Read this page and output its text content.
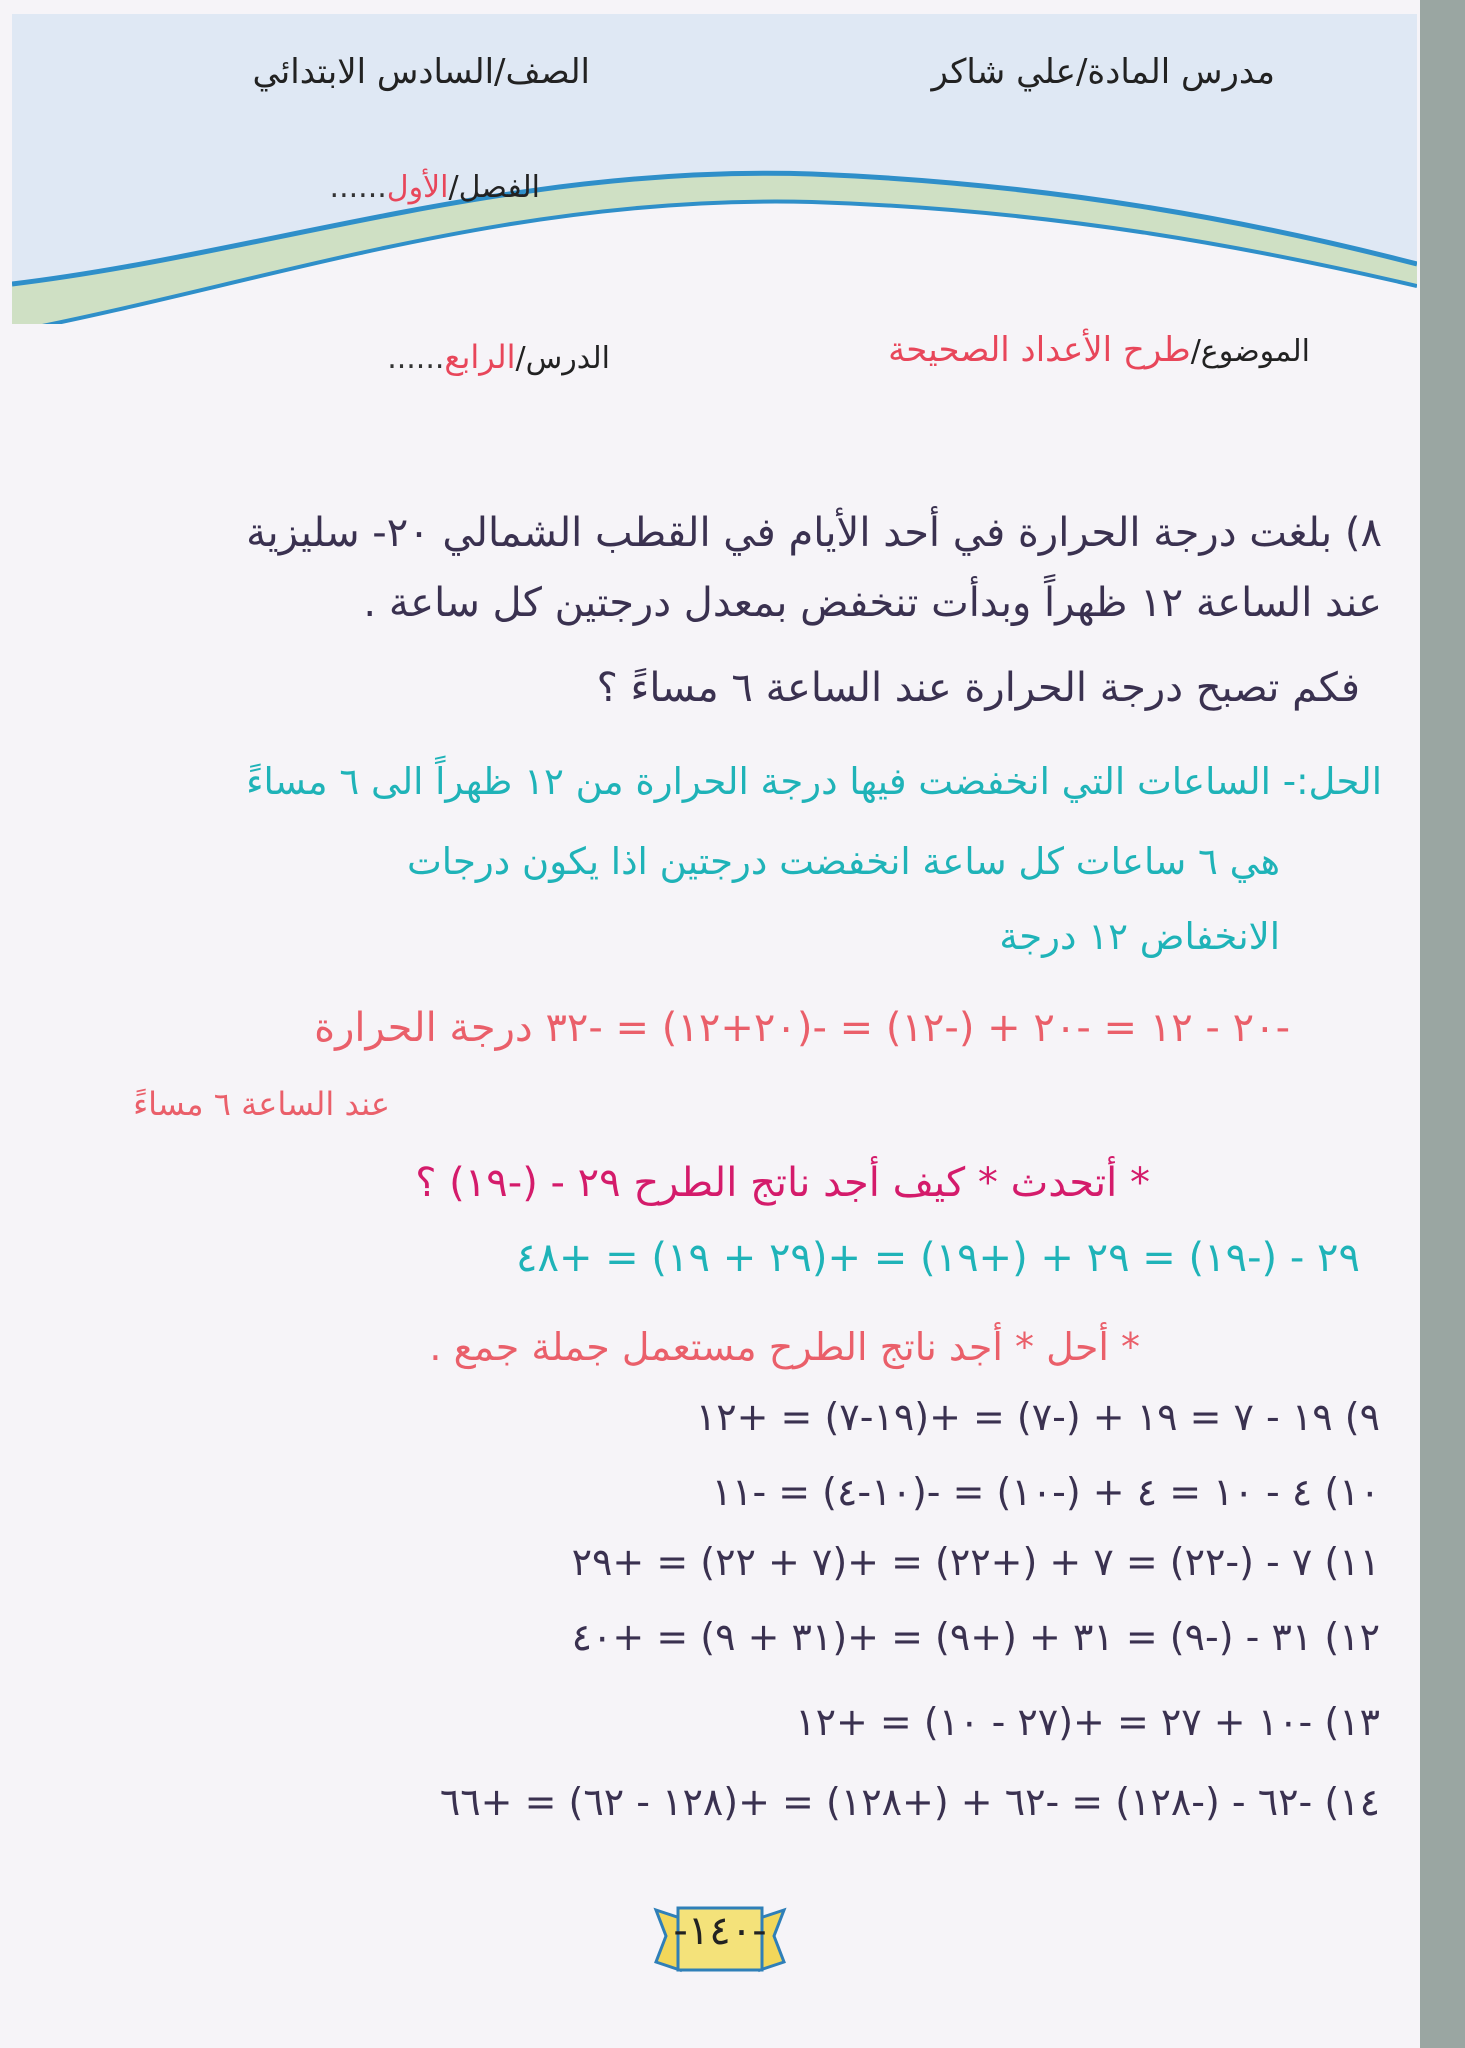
مدرس المادة/علي شاكر
الصف/السادس الابتدائي
الفصل/الأول......
الموضوع/طرح الأعداد الصحيحة
الدرس/الرابع......
٨) بلغت درجة الحرارة في أحد الأيام في القطب الشمالي ٢٠- سليزية
عند الساعة ١٢ ظهراً وبدأت تنخفض بمعدل درجتين كل ساعة .
فكم تصبح درجة الحرارة عند الساعة ٦ مساءً ؟
الحل:- الساعات التي انخفضت فيها درجة الحرارة من ١٢ ظهراً الى ٦ مساءً
هي ٦ ساعات كل ساعة انخفضت درجتين اذا يكون درجات
الانخفاض ١٢ درجة
-٢٠ - ١٢ = -٢٠ + (-١٢) = -(٢٠+١٢) = -٣٢ درجة الحرارة
عند الساعة ٦ مساءً
* أتحدث * كيف أجد ناتج الطرح ٢٩ - (-١٩) ؟
٢٩ - (-١٩) = ٢٩ + (+١٩) = +(٢٩ + ١٩) = +٤٨
* أحل * أجد ناتج الطرح مستعمل جملة جمع .
٩) ١٩ - ٧ = ١٩ + (-٧) = +(١٩-٧) = +١٢
١٠) ٤ - ١٠ = ٤ + (-١٠) = -(١٠-٤) = -١١
١١) ٧ - (-٢٢) = ٧ + (+٢٢) = +(٧ + ٢٢) = +٢٩
١٢) ٣١ - (-٩) = ٣١ + (+٩) = +(٣١ + ٩) = +٤٠
١٣) -١٠ + ٢٧ = +(٢٧ - ١٠) = +١٢
١٤) -٦٢ - (-١٢٨) = -٦٢ + (+١٢٨) = +(١٢٨ - ٦٢) = +٦٦
-١٤٠-
